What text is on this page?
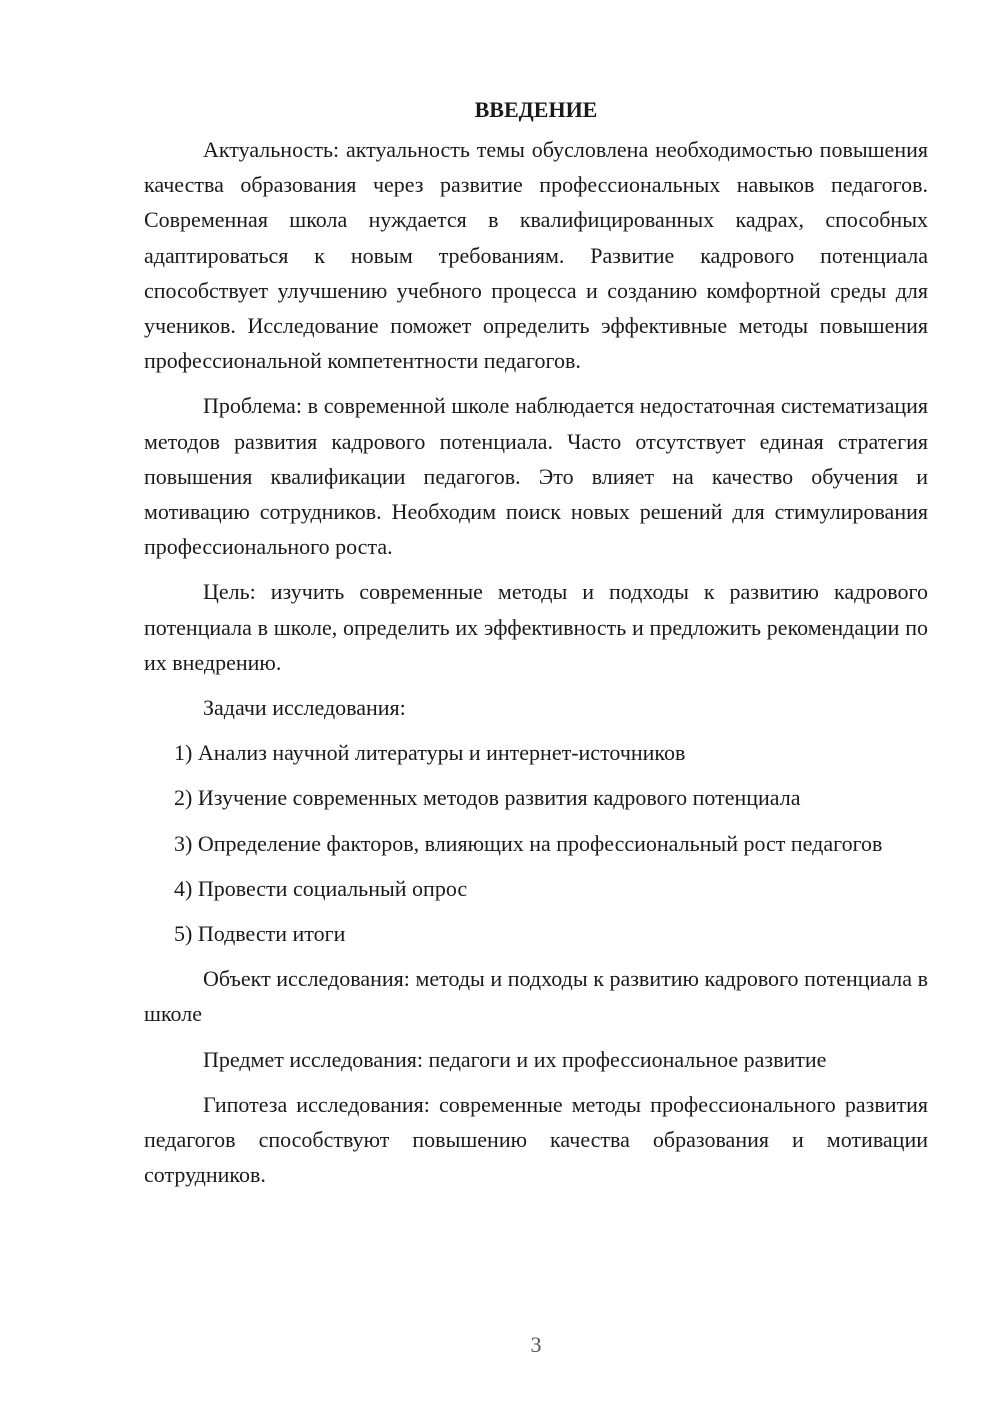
ВВЕДЕНИЕ

Актуальность: актуальность темы обусловлена необходимостью повышения качества образования через развитие профессиональных навыков педагогов. Современная школа нуждается в квалифицированных кадрах, способных адаптироваться к новым требованиям. Развитие кадрового потенциала способствует улучшению учебного процесса и созданию комфортной среды для учеников. Исследование поможет определить эффективные методы повышения профессиональной компетентности педагогов.

Проблема: в современной школе наблюдается недостаточная систематизация методов развития кадрового потенциала. Часто отсутствует единая стратегия повышения квалификации педагогов. Это влияет на качество обучения и мотивацию сотрудников. Необходим поиск новых решений для стимулирования профессионального роста.

Цель: изучить современные методы и подходы к развитию кадрового потенциала в школе, определить их эффективность и предложить рекомендации по их внедрению.

Задачи исследования:

1) Анализ научной литературы и интернет-источников

2) Изучение современных методов развития кадрового потенциала

3) Определение факторов, влияющих на профессиональный рост педагогов

4) Провести социальный опрос

5) Подвести итоги

Объект исследования: методы и подходы к развитию кадрового потенциала в школе

Предмет исследования: педагоги и их профессиональное развитие

Гипотеза исследования: современные методы профессионального развития педагогов способствуют повышению качества образования и мотивации сотрудников.

3
